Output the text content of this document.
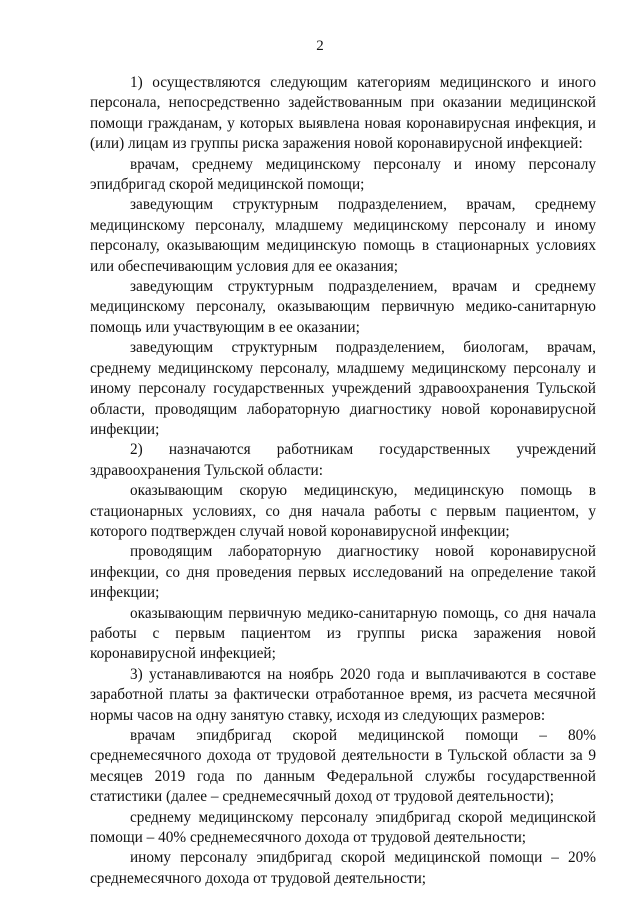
2

1) осуществляются следующим категориям медицинского и иного персонала, непосредственно задействованным при оказании медицинской помощи гражданам, у которых выявлена новая коронавирусная инфекция, и (или) лицам из группы риска заражения новой коронавирусной инфекцией:

врачам, среднему медицинскому персоналу и иному персоналу эпидбригад скорой медицинской помощи;

заведующим структурным подразделением, врачам, среднему медицинскому персоналу, младшему медицинскому персоналу и иному персоналу, оказывающим медицинскую помощь в стационарных условиях или обеспечивающим условия для ее оказания;

заведующим структурным подразделением, врачам и среднему медицинскому персоналу, оказывающим первичную медико-санитарную помощь или участвующим в ее оказании;

заведующим структурным подразделением, биологам, врачам, среднему медицинскому персоналу, младшему медицинскому персоналу и иному персоналу государственных учреждений здравоохранения Тульской области, проводящим лабораторную диагностику новой коронавирусной инфекции;

2) назначаются работникам государственных учреждений здравоохранения Тульской области:

оказывающим скорую медицинскую, медицинскую помощь в стационарных условиях, со дня начала работы с первым пациентом, у которого подтвержден случай новой коронавирусной инфекции;

проводящим лабораторную диагностику новой коронавирусной инфекции, со дня проведения первых исследований на определение такой инфекции;

оказывающим первичную медико-санитарную помощь, со дня начала работы с первым пациентом из группы риска заражения новой коронавирусной инфекцией;

3) устанавливаются на ноябрь 2020 года и выплачиваются в составе заработной платы за фактически отработанное время, из расчета месячной нормы часов на одну занятую ставку, исходя из следующих размеров:

врачам эпидбригад скорой медицинской помощи – 80% среднемесячного дохода от трудовой деятельности в Тульской области за 9 месяцев 2019 года по данным Федеральной службы государственной статистики (далее – среднемесячный доход от трудовой деятельности);

среднему медицинскому персоналу эпидбригад скорой медицинской помощи – 40% среднемесячного дохода от трудовой деятельности;

иному персоналу эпидбригад скорой медицинской помощи – 20% среднемесячного дохода от трудовой деятельности;
